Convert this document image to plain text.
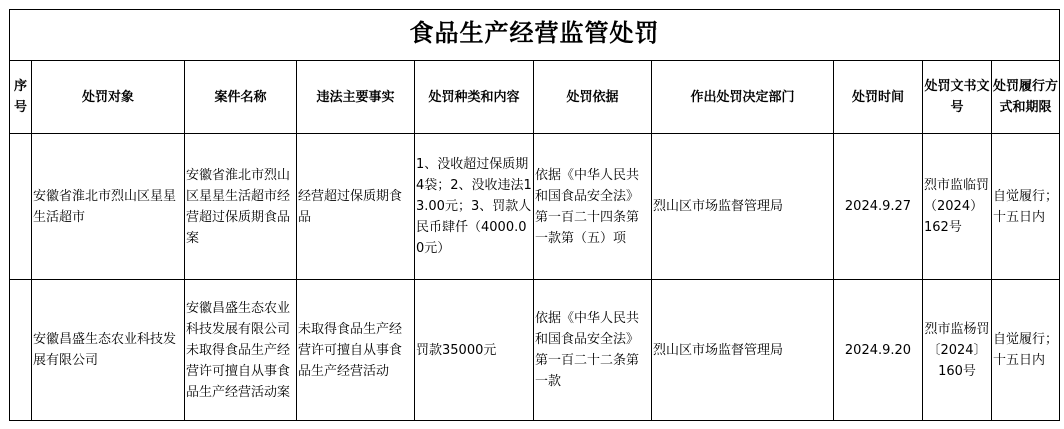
食品生产经营监管处罚									
序号	处罚对象	案件名称	违法主要事实	处罚种类和内容	处罚依据	作出处罚决定部门	处罚时间	处罚文书文号	处罚履行方式和期限
	安徽省淮北市烈山区星星生活超市	安徽省淮北市烈山区星星生活超市经营超过保质期食品案	经营超过保质期食品	1、没收超过保质期4袋；2、没收违法13.00元；3、罚款人民币肆仟（4000.00元）	依据《中华人民共和国食品安全法》第一百二十四条第一款第（五）项	烈山区市场监督管理局	2024.9.27	烈市监临罚（2024）162号	自觉履行；十五日内
	安徽昌盛生态农业科技发展有限公司	安徽昌盛生态农业科技发展有限公司未取得食品生产经营许可擅自从事食品生产经营活动案	未取得食品生产经营许可擅自从事食品生产经营活动	罚款35000元	依据《中华人民共和国食品安全法》第一百二十二条第一款	烈山区市场监督管理局	2024.9.20	烈市监杨罚〔2024〕160号	自觉履行；十五日内
